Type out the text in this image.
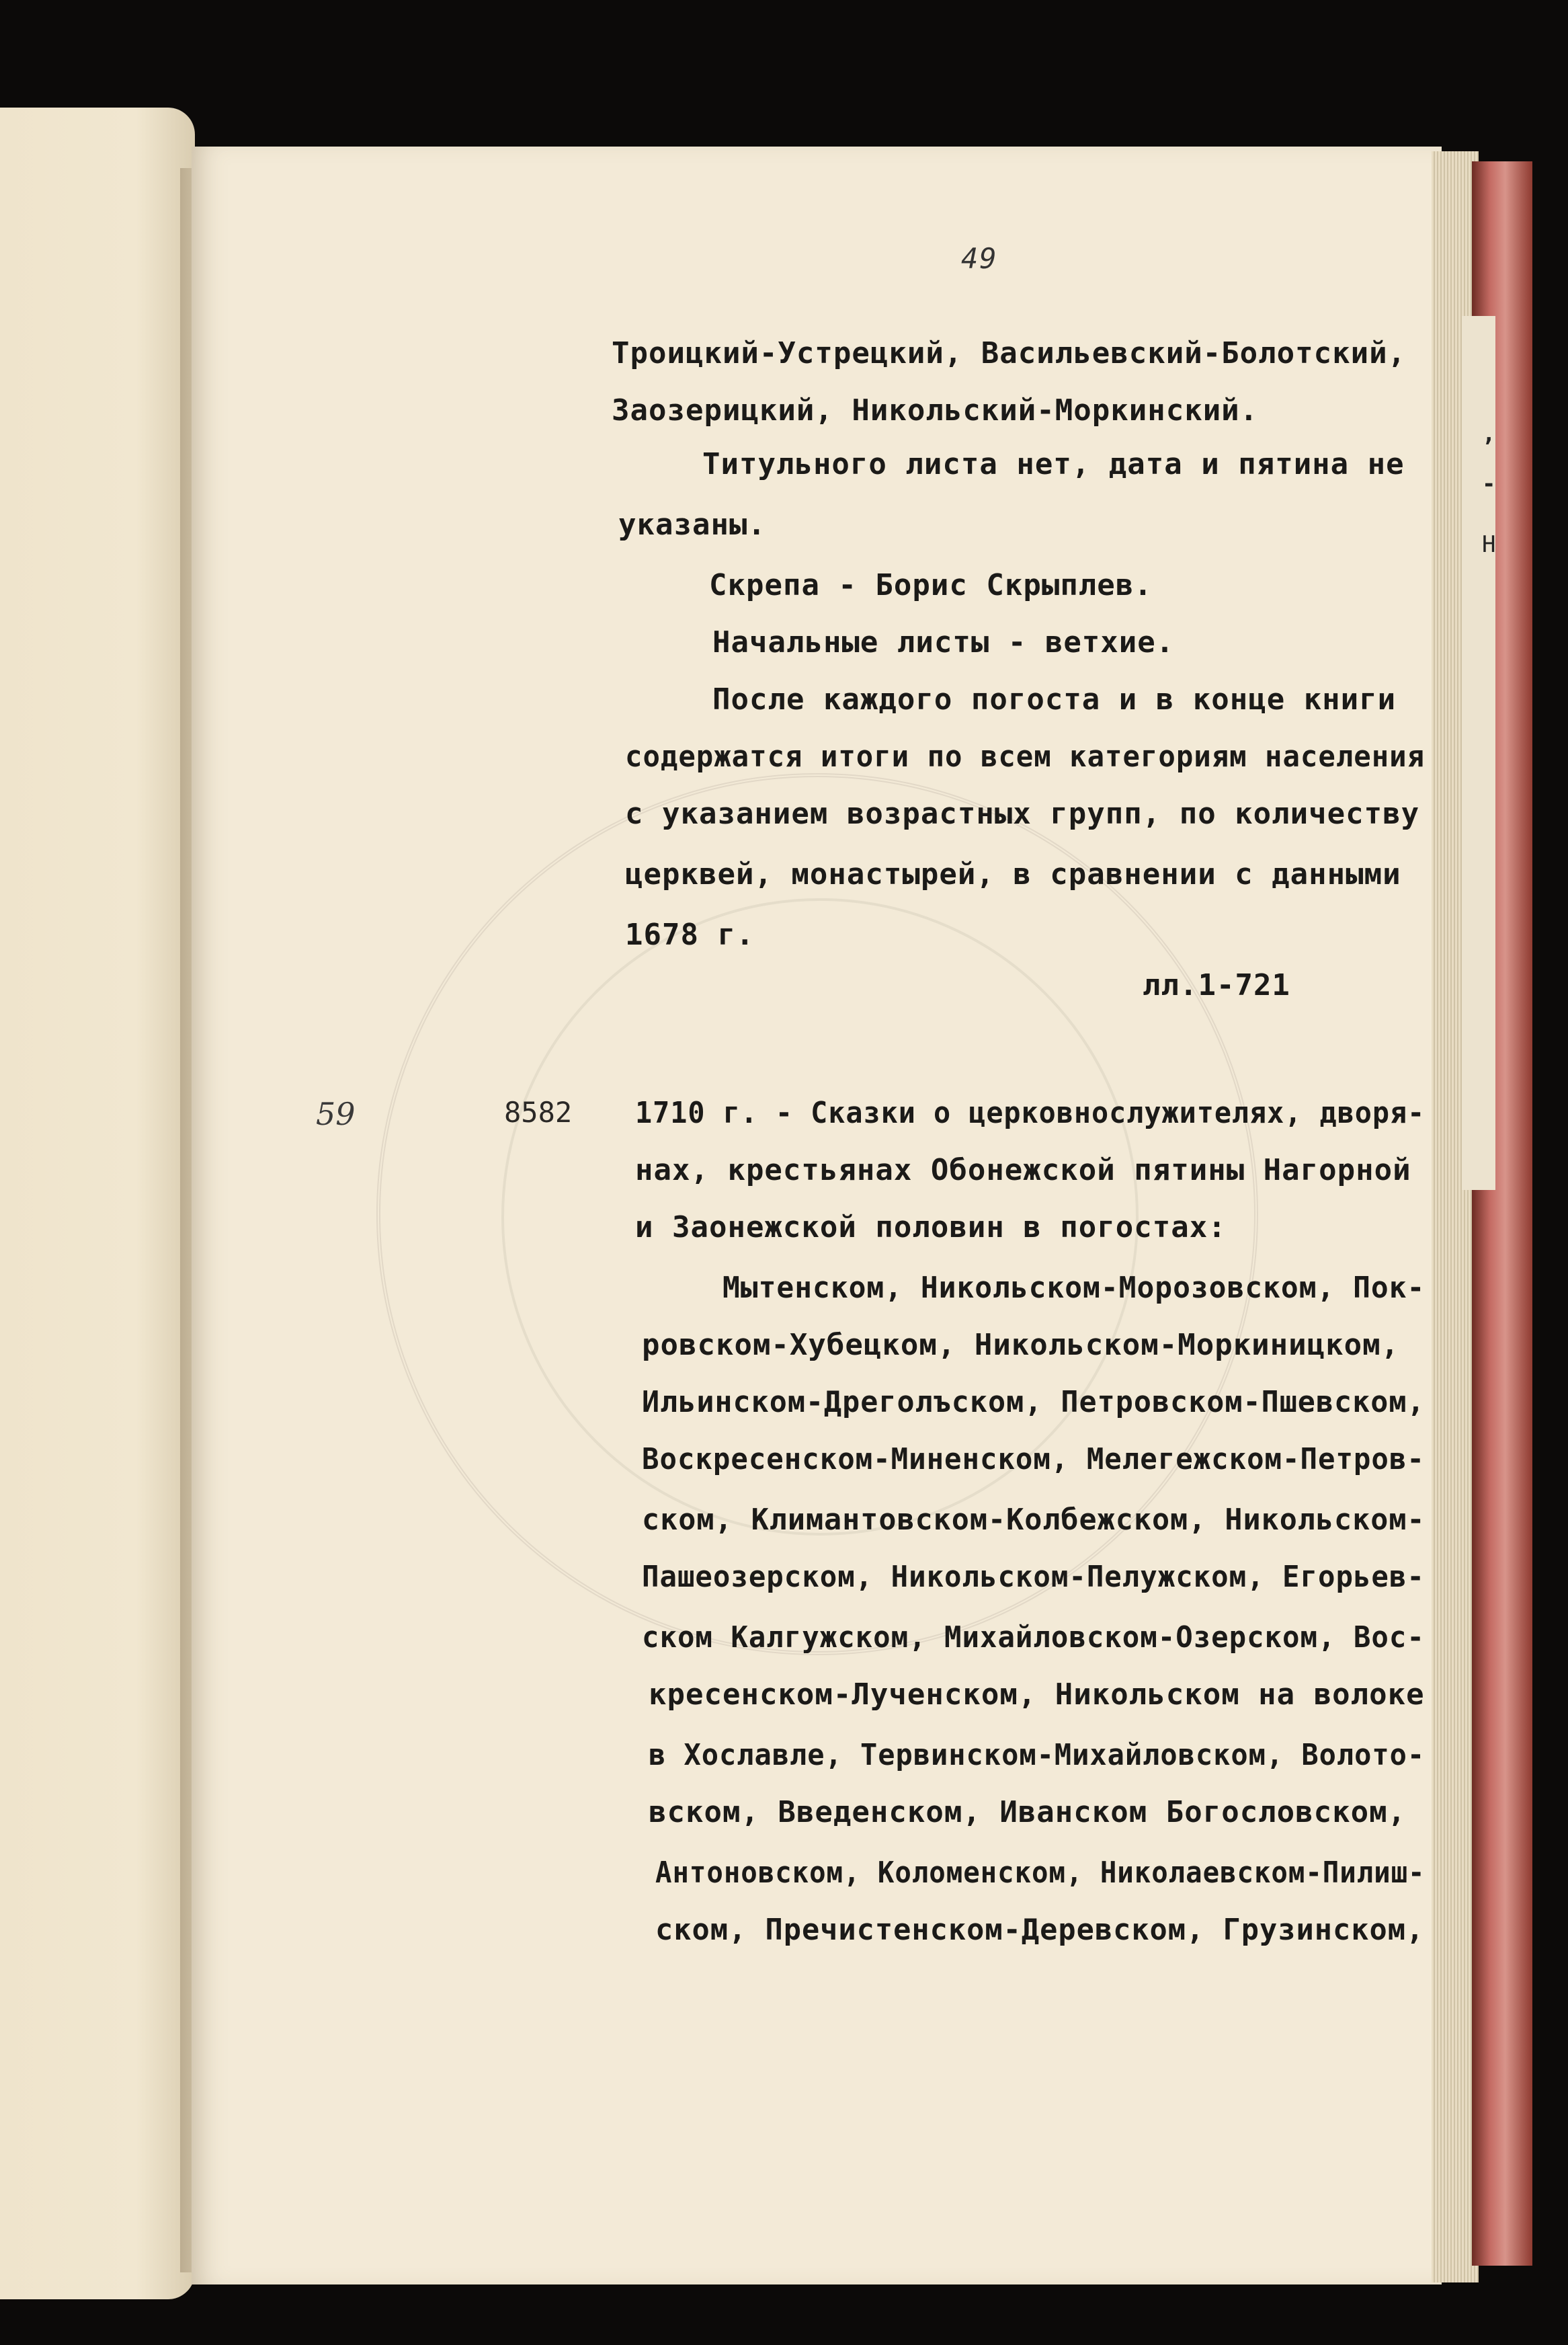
,
-
Н
49
Троицкий-Устрецкий, Васильевский-Болотский,
Заозерицкий, Никольский-Моркинский.
Титульного листа нет, дата и пятина не
указаны.
Скрепа - Борис Скрыплев.
Начальные листы - ветхие.
После каждого погоста и в конце книги
содержатся итоги по всем категориям населения
с указанием возрастных групп, по количеству
церквей, монастырей, в сравнении с данными
1678 г.
лл.1-721
59	8582 1710 г. - Сказки о церковнослужителях, дворя-
нах, крестьянах Обонежской пятины Нагорной
и Заонежской половин в погостах:
Мытенском, Никольском-Морозовском, Пок-
ровском-Хубецком, Никольском-Моркиницком,
Ильинском-Дреголъском, Петровском-Пшевском,
Воскресенском-Миненском, Мелегежском-Петров-
ском, Климантовском-Колбежском, Никольском-
Пашеозерском, Никольском-Пелужском, Егорьев-
ском Калгужском, Михайловском-Озерском, Вос-
кресенском-Лученском, Никольском на волоке
в Хославле, Тервинском-Михайловском, Волото-
вском, Введенском, Иванском Богословском,
Антоновском, Коломенском, Николаевском-Пилиш-
ском, Пречистенском-Деревском, Грузинском,
